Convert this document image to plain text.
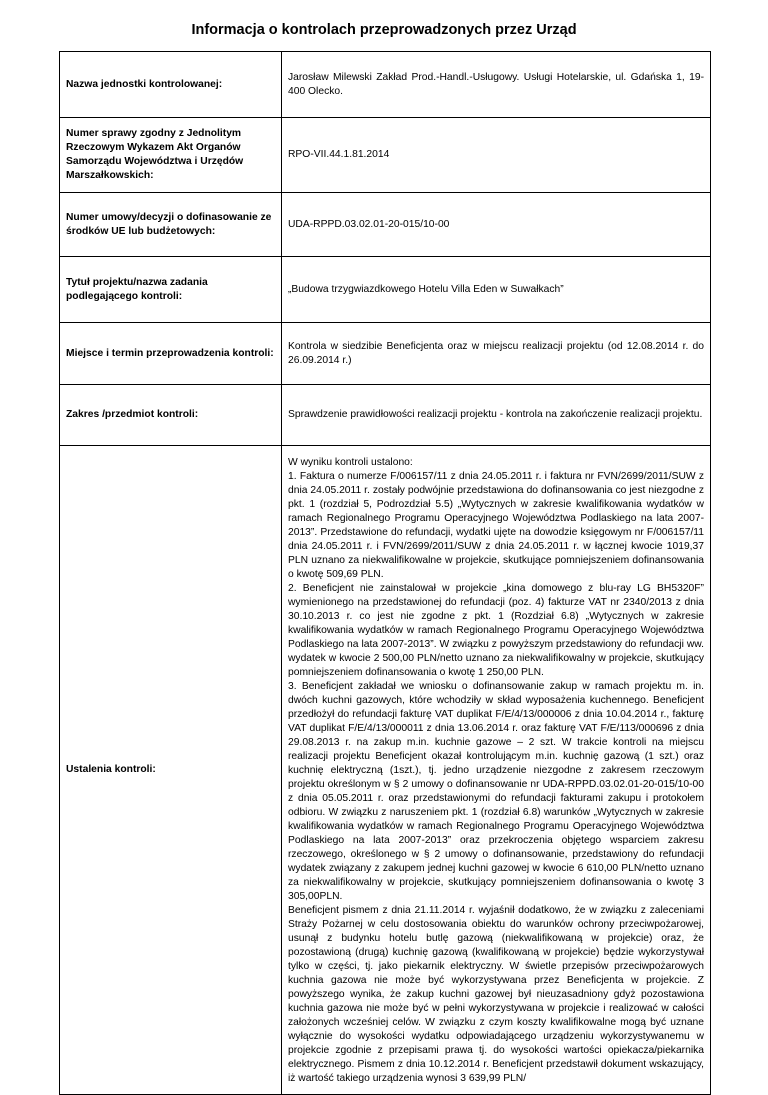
Informacja o kontrolach przeprowadzonych przez Urząd
Nazwa jednostki kontrolowanej:	Jarosław Milewski Zakład Prod.-Handl.-Usługowy. Usługi Hotelarskie, ul. Gdańska 1, 19-400 Olecko.
Numer sprawy zgodny z Jednolitym Rzeczowym Wykazem Akt Organów Samorządu Województwa i Urzędów Marszałkowskich:	RPO-VII.44.1.81.2014
Numer umowy/decyzji o dofinasowanie ze środków UE lub budżetowych:	UDA-RPPD.03.02.01-20-015/10-00
Tytuł projektu/nazwa zadania podlegającego kontroli:	„Budowa trzygwiazdkowego Hotelu Villa Eden w Suwałkach”
Miejsce i termin przeprowadzenia kontroli:	Kontrola w siedzibie Beneficjenta oraz w miejscu realizacji projektu (od 12.08.2014 r. do 26.09.2014 r.)
Zakres /przedmiot kontroli:	Sprawdzenie prawidłowości realizacji projektu - kontrola na zakończenie realizacji projektu.
Ustalenia kontroli:	W wyniku kontroli ustalono:

1. Faktura o numerze F/006157/11 z dnia 24.05.2011 r. i faktura nr FVN/2699/2011/SUW z dnia 24.05.2011 r. zostały podwójnie przedstawiona do dofinansowania co jest niezgodne z pkt. 1 (rozdział 5, Podrozdział 5.5) „Wytycznych w zakresie kwalifikowania wydatków w ramach Regionalnego Programu Operacyjnego Województwa Podlaskiego na lata 2007-2013”. Przedstawione do refundacji, wydatki ujęte na dowodzie księgowym nr F/006157/11 dnia 24.05.2011 r. i FVN/2699/2011/SUW z dnia 24.05.2011 r. w łącznej kwocie 1019,37 PLN uznano za niekwalifikowalne w projekcie, skutkujące pomniejszeniem dofinansowania o kwotę 509,69 PLN.

2. Beneficjent nie zainstalował w projekcie „kina domowego z blu-ray LG BH5320F” wymienionego na przedstawionej do refundacji (poz. 4) fakturze VAT nr 2340/2013 z dnia 30.10.2013 r. co jest nie zgodne z pkt. 1 (Rozdział 6.8) „Wytycznych w zakresie kwalifikowania wydatków w ramach Regionalnego Programu Operacyjnego Województwa Podlaskiego na lata 2007-2013”. W związku z powyższym przedstawiony do refundacji ww. wydatek w kwocie 2 500,00 PLN/netto uznano za niekwalifikowalny w projekcie, skutkujący pomniejszeniem dofinansowania o kwotę 1 250,00 PLN.

3. Beneficjent zakładał we wniosku o dofinansowanie zakup w ramach projektu m. in. dwóch kuchni gazowych, które wchodziły w skład wyposażenia kuchennego. Beneficjent przedłożył do refundacji fakturę VAT duplikat F/E/4/13/000006 z dnia 10.04.2014 r., fakturę VAT duplikat F/E/4/13/000011 z dnia 13.06.2014 r. oraz fakturę VAT F/E/113/000696 z dnia 29.08.2013 r. na zakup m.in. kuchnie gazowe – 2 szt. W trakcie kontroli na miejscu realizacji projektu Beneficjent okazał kontrolującym m.in. kuchnię gazową (1 szt.) oraz kuchnię elektryczną (1szt.), tj. jedno urządzenie niezgodne z zakresem rzeczowym projektu określonym w § 2 umowy o dofinansowanie nr UDA-RPPD.03.02.01-20-015/10-00 z dnia 05.05.2011 r. oraz przedstawionymi do refundacji fakturami zakupu i protokołem odbioru. W związku z naruszeniem pkt. 1 (rozdział 6.8) warunków „Wytycznych w zakresie kwalifikowania wydatków w ramach Regionalnego Programu Operacyjnego Województwa Podlaskiego na lata 2007-2013” oraz przekroczenia objętego wsparciem zakresu rzeczowego, określonego w § 2 umowy o dofinansowanie, przedstawiony do refundacji wydatek związany z zakupem jednej kuchni gazowej w kwocie 6 610,00 PLN/netto uznano za niekwalifikowalny w projekcie, skutkujący pomniejszeniem dofinansowania o kwotę 3 305,00PLN.

Beneficjent pismem z dnia 21.11.2014 r. wyjaśnił dodatkowo, że w związku z zaleceniami Straży Pożarnej w celu dostosowania obiektu do warunków ochrony przeciwpożarowej, usunął z budynku hotelu butlę gazową (niekwalifikowaną w projekcie) oraz, że pozostawioną (drugą) kuchnię gazową (kwalifikowaną w projekcie) będzie wykorzystywał tylko w części, tj. jako piekarnik elektryczny. W świetle przepisów przeciwpożarowych kuchnia gazowa nie może być wykorzystywana przez Beneficjenta w projekcie. Z powyższego wynika, że zakup kuchni gazowej był nieuzasadniony gdyż pozostawiona kuchnia gazowa nie może być w pełni wykorzystywana w projekcie i realizować w całości założonych wcześniej celów. W związku z czym koszty kwalifikowalne mogą być uznane wyłącznie do wysokości wydatku odpowiadającego urządzeniu wykorzystywanemu w projekcie zgodnie z przepisami prawa tj. do wysokości wartości opiekacza/piekarnika elektrycznego. Pismem z dnia 10.12.2014 r. Beneficjent przedstawił dokument wskazujący, iż wartość takiego urządzenia wynosi 3 639,99 PLN/
